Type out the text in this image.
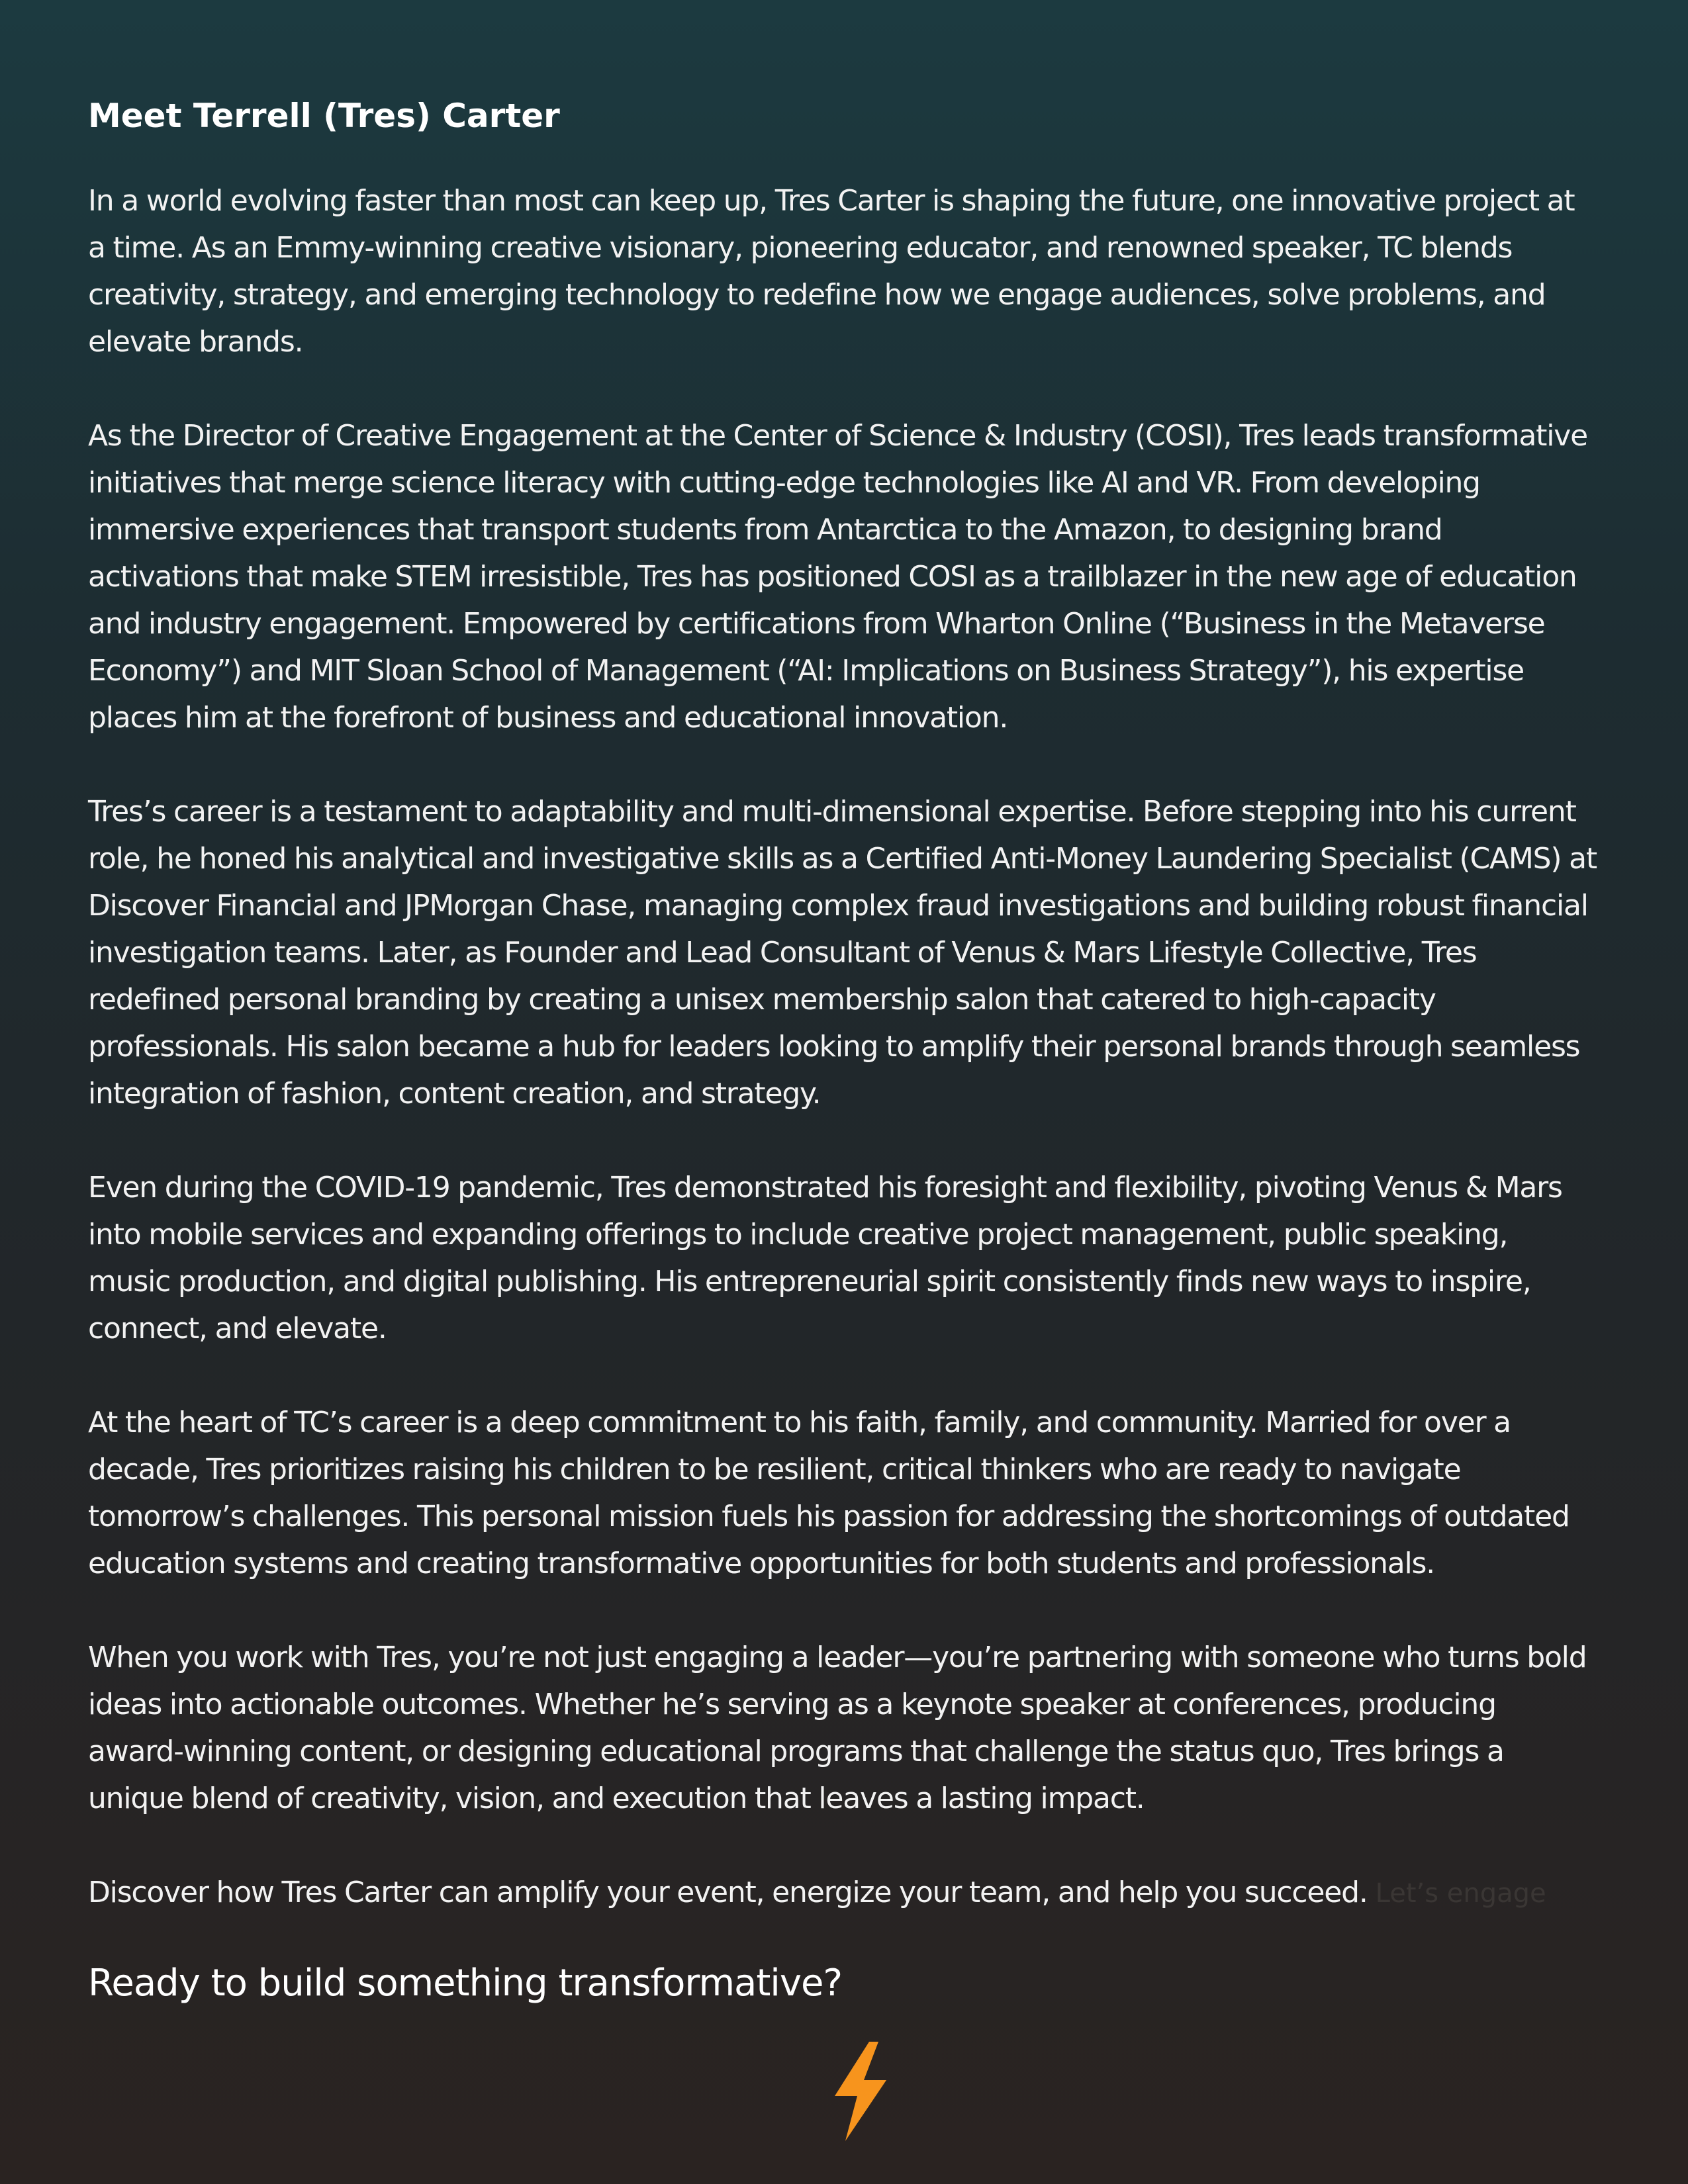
Meet Terrell (Tres) Carter

In a world evolving faster than most can keep up, Tres Carter is shaping the future, one innovative project at a time. As an Emmy-winning creative visionary, pioneering educator, and renowned speaker, TC blends creativity, strategy, and emerging technology to redefine how we engage audiences, solve problems, and elevate brands.

As the Director of Creative Engagement at the Center of Science & Industry (COSI), Tres leads transformative initiatives that merge science literacy with cutting-edge technologies like AI and VR. From developing immersive experiences that transport students from Antarctica to the Amazon, to designing brand activations that make STEM irresistible, Tres has positioned COSI as a trailblazer in the new age of education and industry engagement. Empowered by certifications from Wharton Online (“Business in the Metaverse Economy”) and MIT Sloan School of Management (“AI: Implications on Business Strategy”), his expertise places him at the forefront of business and educational innovation.

Tres’s career is a testament to adaptability and multi-dimensional expertise. Before stepping into his current role, he honed his analytical and investigative skills as a Certified Anti-Money Laundering Specialist (CAMS) at Discover Financial and JPMorgan Chase, managing complex fraud investigations and building robust financial investigation teams. Later, as Founder and Lead Consultant of Venus & Mars Lifestyle Collective, Tres redefined personal branding by creating a unisex membership salon that catered to high-capacity professionals. His salon became a hub for leaders looking to amplify their personal brands through seamless integration of fashion, content creation, and strategy.

Even during the COVID-19 pandemic, Tres demonstrated his foresight and flexibility, pivoting Venus & Mars into mobile services and expanding offerings to include creative project management, public speaking, music production, and digital publishing. His entrepreneurial spirit consistently finds new ways to inspire, connect, and elevate.

At the heart of TC’s career is a deep commitment to his faith, family, and community. Married for over a decade, Tres prioritizes raising his children to be resilient, critical thinkers who are ready to navigate tomorrow’s challenges. This personal mission fuels his passion for addressing the shortcomings of outdated education systems and creating transformative opportunities for both students and professionals.

When you work with Tres, you’re not just engaging a leader—you’re partnering with someone who turns bold ideas into actionable outcomes. Whether he’s serving as a keynote speaker at conferences, producing award-winning content, or designing educational programs that challenge the status quo, Tres brings a unique blend of creativity, vision, and execution that leaves a lasting impact.

Discover how Tres Carter can amplify your event, energize your team, and help you succeed. Let’s engage
Ready to build something transformative?
